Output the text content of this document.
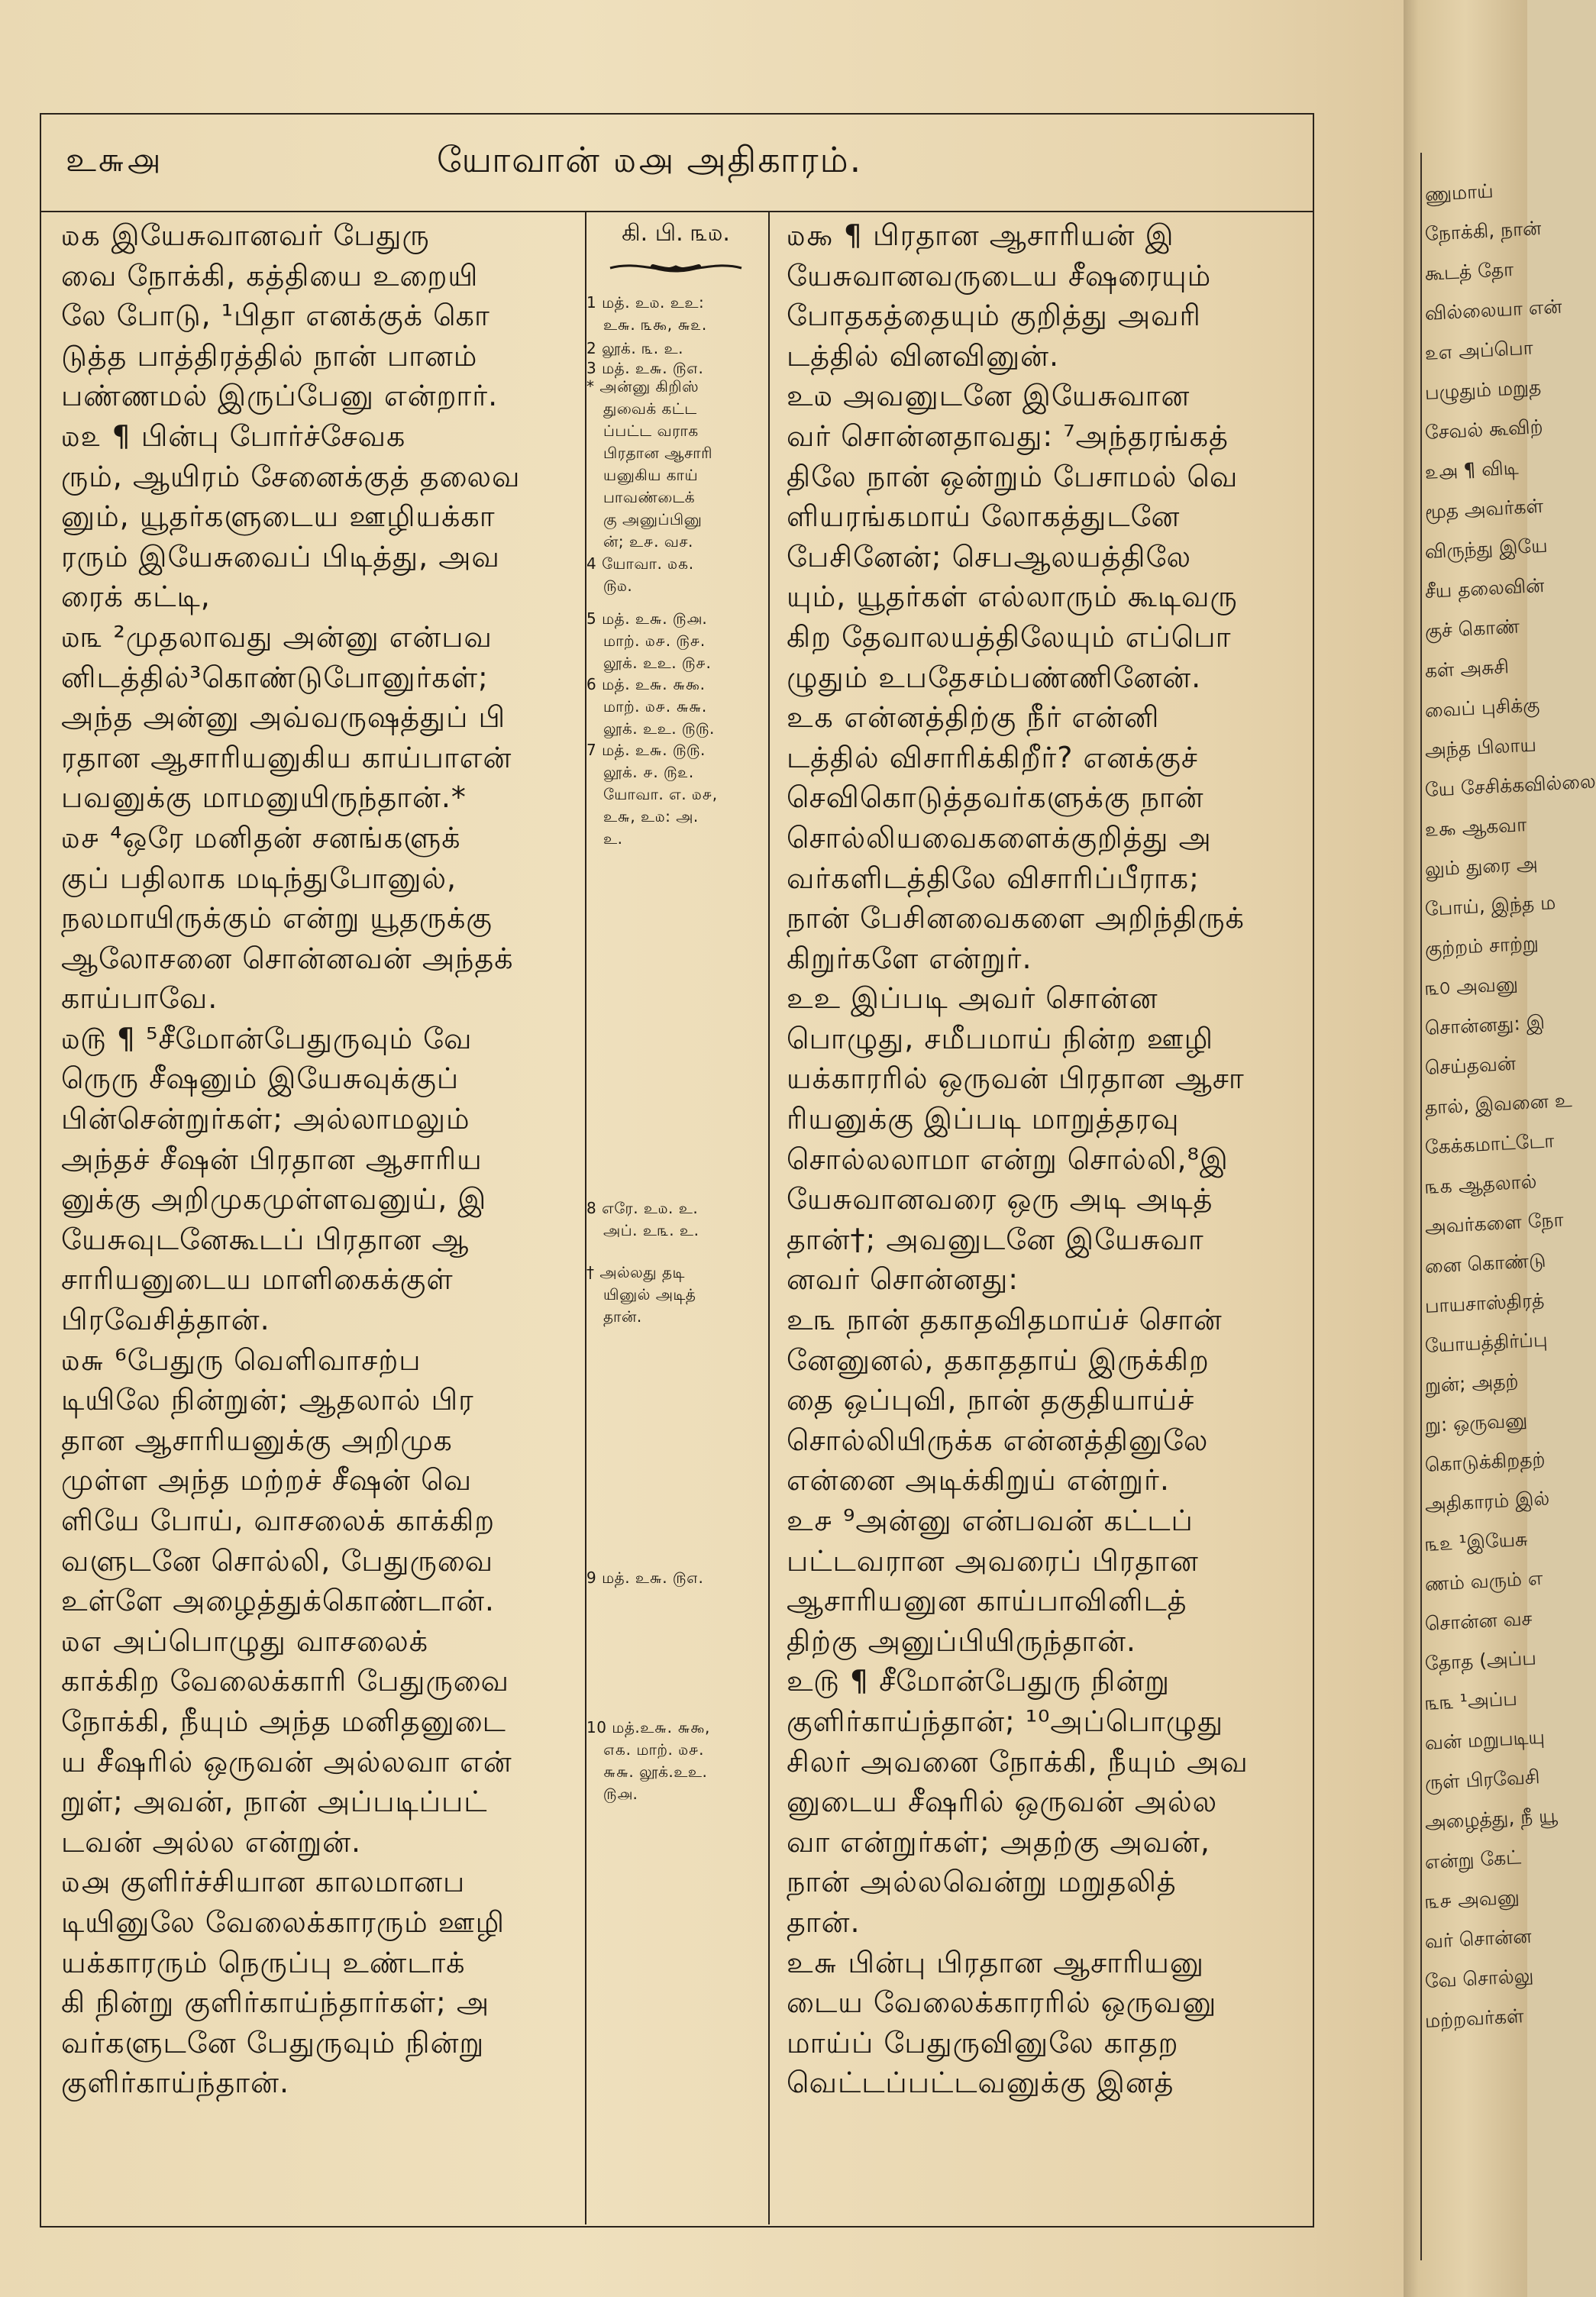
ணுமாய்
நோக்கி, நான்
கூடத் தோ
வில்லையா என்
௨௭ அப்பொ
பழுதும் மறுத
சேவல் கூவிற்
௨௮ ¶ விடி
மூத அவர்கள்
விருந்து இயே
சீய தலைவின்
குச் கொண்
கள் அசுசி
வைப் புசிக்கு
அந்த பிலாய
யே சேசிக்கவில்லை
௨௯ ஆகவா
லும் துரை அ
போய், இந்த ம
குற்றம் சாற்று
௩௦ அவனு
சொன்னது: இ
செய்தவன்
தால், இவனை உ
கேக்கமாட்டோ
௩௧ ஆதலால்
அவர்களை நோ
னை கொண்டு
பாயசாஸ்திரத்
யோயத்திர்ப்பு
றுன்; அதற்
று: ஒருவனு
கொடுக்கிறதற்
அதிகாரம் இல்
௩௨ ¹இயேசு
ணம் வரும் எ
சொன்ன வச
தோத (அப்ப
௩௩ ¹அப்ப
வன் மறுபடியு
ருள் பிரவேசி
அழைத்து, நீ யூ
என்று கேட்
௩௪ அவனு
வர் சொன்ன
வே சொல்லு
மற்றவர்கள்
உ௬௮	யோவான் ௰௮ அதிகாரம்.

௰௧ இயேசுவானவர் பேதுரு

வை நோக்கி, கத்தியை உறையி

லே போடு, ¹பிதா எனக்குக் கொ

டுத்த பாத்திரத்தில் நான் பானம்

பண்ணமல் இருப்பேனு என்றார்.

௰௨ ¶ பின்பு போர்ச்சேவக

ரும், ஆயிரம் சேனைக்குத் தலைவ

னும், யூதர்களுடைய ஊழியக்கா

ரரும் இயேசுவைப் பிடித்து, அவ

ரைக் கட்டி,

௰௩ ²முதலாவது அன்னு என்பவ

னிடத்தில்³கொண்டுபோனுர்கள்;

அந்த அன்னு அவ்வருஷத்துப் பி

ரதான ஆசாரியனுகிய காய்பாஎன்

பவனுக்கு மாமனுயிருந்தான்.*

௰௪ ⁴ஒரே மனிதன் சனங்களுக்

குப் பதிலாக மடிந்துபோனுல்,

நலமாயிருக்கும் என்று யூதருக்கு

ஆலோசனை சொன்னவன் அந்தக்

காய்பாவே.

௰௫ ¶ ⁵சீமோன்பேதுருவும் வே

ருெரு சீஷனும் இயேசுவுக்குப்

பின்சென்றுர்கள்; அல்லாமலும்

அந்தச் சீஷன் பிரதான ஆசாரிய

னுக்கு அறிமுகமுள்ளவனுய், இ

யேசுவுடனேகூடப் பிரதான ஆ

சாரியனுடைய மாளிகைக்குள்

பிரவேசித்தான்.

௰௬ ⁶பேதுரு வெளிவாசற்ப

டியிலே நின்றுன்; ஆதலால் பிர

தான ஆசாரியனுக்கு அறிமுக

முள்ள அந்த மற்றச் சீஷன் வெ

ளியே போய், வாசலைக் காக்கிற

வளுடனே சொல்லி, பேதுருவை

உள்ளே அழைத்துக்கொண்டான்.

௰௭ அப்பொழுது வாசலைக்

காக்கிற வேலைக்காரி பேதுருவை

நோக்கி, நீயும் அந்த மனிதனுடை

ய சீஷரில் ஒருவன் அல்லவா என்

றுள்; அவன், நான் அப்படிப்பட்

டவன் அல்ல என்றுன்.

௰௮ குளிர்ச்சியான காலமானப

டியினுலே வேலைக்காரரும் ஊழி

யக்காரரும் நெருப்பு உண்டாக்

கி நின்று குளிர்காய்ந்தார்கள்; அ

வர்களுடனே பேதுருவும் நின்று

குளிர்காய்ந்தான்.

கி. பி. ௩௰.

1 மத். உ௰. உஉ:

உ௬. ௩௯, ௬௨.

2 லூக். ௩. உ.

3 மத். உ௬. ௫௭.

* அன்னு கிறிஸ்

துவைக் கட்ட

ப்பட்ட வராக

பிரதான ஆசாரி

யனுகிய காய்

பாவண்டைக்

கு அனுப்பினு

ன்; உ௪. வச.

4 யோவா. ௰௧.

௫௰.

5 மத். உ௬. ௫௮.

மாற். ௰௪. ௫௪.

லூக். உஉ. ௫௪.

6 மத். உ௬. ௬௯.

மாற். ௰௪. ௬௬.

லூக். உஉ. ௫௫.

7 மத். உ௬. ௫௫.

லூக். ௪. ௫௨.

யோவா. எ. ௰௪,

உ௬, உ௰: அ.

உ.

8 எரே. உ௰. உ.

அப். உ௩. உ.

† அல்லது தடி

யினுல் அடித்

தான்.

9 மத். உ௬. ௫௭.

10 மத்.உ௬. ௬௯,

௭௧. மாற். ௰௪.

௬௬. லூக்.உஉ.

௫௮.

௰௯ ¶ பிரதான ஆசாரியன் இ

யேசுவானவருடைய சீஷரையும்

போதகத்தையும் குறித்து அவரி

டத்தில் வினவினுன்.

உ௰ அவனுடனே இயேசுவான

வர் சொன்னதாவது: ⁷அந்தரங்கத்

திலே நான் ஒன்றும் பேசாமல் வெ

ளியரங்கமாய் லோகத்துடனே

பேசினேன்; செபஆலயத்திலே

யும், யூதர்கள் எல்லாரும் கூடிவரு

கிற தேவாலயத்திலேயும் எப்பொ

ழுதும் உபதேசம்பண்ணினேன்.

உ௧ என்னத்திற்கு நீர் என்னி

டத்தில் விசாரிக்கிறீர்? எனக்குச்

செவிகொடுத்தவர்களுக்கு நான்

சொல்லியவைகளைக்குறித்து அ

வர்களிடத்திலே விசாரிப்பீராக;

நான் பேசினவைகளை அறிந்திருக்

கிறுர்களே என்றுர்.

உஉ இப்படி அவர் சொன்ன

பொழுது, சமீபமாய் நின்ற ஊழி

யக்காரரில் ஒருவன் பிரதான ஆசா

ரியனுக்கு இப்படி மாறுத்தரவு

சொல்லலாமா என்று சொல்லி,⁸இ

யேசுவானவரை ஒரு அடி அடித்

தான்†; அவனுடனே இயேசுவா

னவர் சொன்னது:

உ௩ நான் தகாதவிதமாய்ச் சொன்

னேனுனல், தகாததாய் இருக்கிற

தை ஒப்புவி, நான் தகுதியாய்ச்

சொல்லியிருக்க என்னத்தினுலே

என்னை அடிக்கிறுய் என்றுர்.

உ௪ ⁹அன்னு என்பவன் கட்டப்

பட்டவரான அவரைப் பிரதான

ஆசாரியனுன காய்பாவினிடத்

திற்கு அனுப்பியிருந்தான்.

உ௫ ¶ சீமோன்பேதுரு நின்று

குளிர்காய்ந்தான்; ¹⁰அப்பொழுது

சிலர் அவனை நோக்கி, நீயும் அவ

னுடைய சீஷரில் ஒருவன் அல்ல

வா என்றுர்கள்; அதற்கு அவன்,

நான் அல்லவென்று மறுதலித்

தான்.

உ௬ பின்பு பிரதான ஆசாரியனு

டைய வேலைக்காரரில் ஒருவனு

மாய்ப் பேதுருவினுலே காதற

வெட்டப்பட்டவனுக்கு இனத்
